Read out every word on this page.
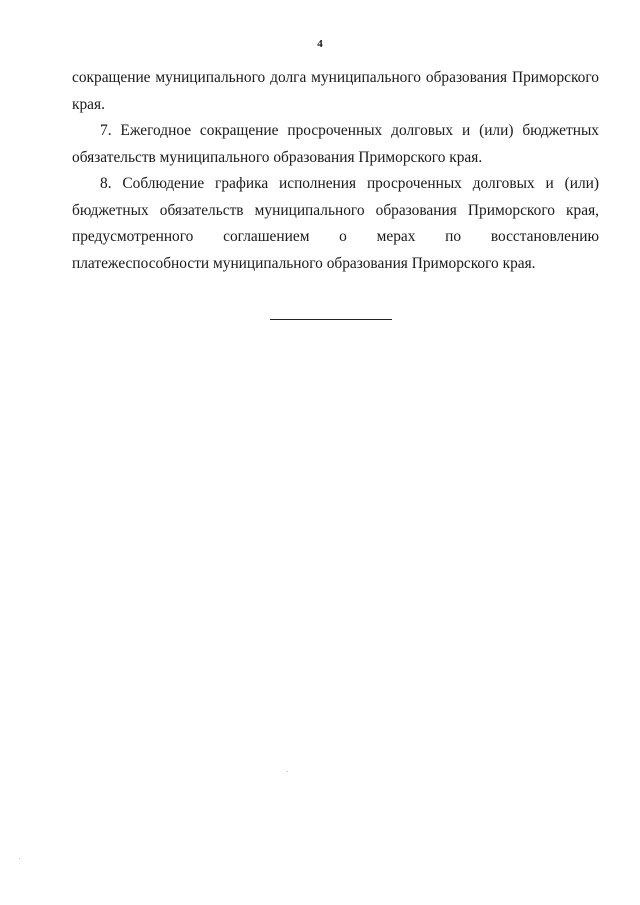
4

сокращение муниципального долга муниципального образования Приморского края.

7. Ежегодное сокращение просроченных долговых и (или) бюджетных обязательств муниципального образования Приморского края.

8. Соблюдение графика исполнения просроченных долговых и (или) бюджетных обязательств муниципального образования Приморского края, предусмотренного соглашением о мерах по восстановлению платежеспособности муниципального образования Приморского края.
